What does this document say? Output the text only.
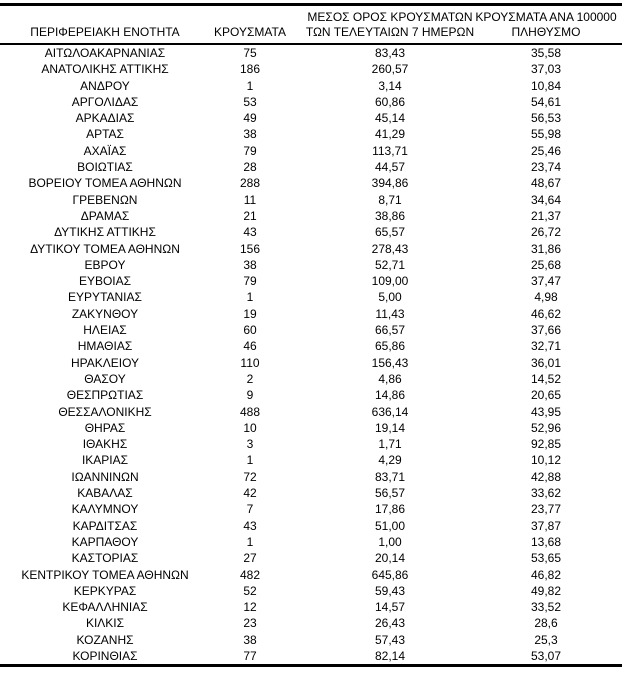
ΠΕΡΙΦΕΡΕΙΑΚΗ ΕΝΟΤΗΤΑ	ΚΡΟΥΣΜΑΤΑ	ΜΕΣΟΣ ΟΡΟΣ ΚΡΟΥΣΜΑΤΩΝ ΤΩΝ ΤΕΛΕΥΤΑΙΩΝ 7 ΗΜΕΡΩΝ	ΚΡΟΥΣΜΑΤΑ ΑΝΑ 100000 ΠΛΗΘΥΣΜΟ

ΑΙΤΩΛΟΑΚΑΡΝΑΝΙΑΣ	75	83,43	35,58
ΑΝΑΤΟΛΙΚΗΣ ΑΤΤΙΚΗΣ	186	260,57	37,03
ΑΝΔΡΟΥ	1	3,14	10,84
ΑΡΓΟΛΙΔΑΣ	53	60,86	54,61
ΑΡΚΑΔΙΑΣ	49	45,14	56,53
ΑΡΤΑΣ	38	41,29	55,98
ΑΧΑΪΑΣ	79	113,71	25,46
ΒΟΙΩΤΙΑΣ	28	44,57	23,74
ΒΟΡΕΙΟΥ ΤΟΜΕΑ ΑΘΗΝΩΝ	288	394,86	48,67
ΓΡΕΒΕΝΩΝ	11	8,71	34,64
ΔΡΑΜΑΣ	21	38,86	21,37
ΔΥΤΙΚΗΣ ΑΤΤΙΚΗΣ	43	65,57	26,72
ΔΥΤΙΚΟΥ ΤΟΜΕΑ ΑΘΗΝΩΝ	156	278,43	31,86
ΕΒΡΟΥ	38	52,71	25,68
ΕΥΒΟΙΑΣ	79	109,00	37,47
ΕΥΡΥΤΑΝΙΑΣ	1	5,00	4,98
ΖΑΚΥΝΘΟΥ	19	11,43	46,62
ΗΛΕΙΑΣ	60	66,57	37,66
ΗΜΑΘΙΑΣ	46	65,86	32,71
ΗΡΑΚΛΕΙΟΥ	110	156,43	36,01
ΘΑΣΟΥ	2	4,86	14,52
ΘΕΣΠΡΩΤΙΑΣ	9	14,86	20,65
ΘΕΣΣΑΛΟΝΙΚΗΣ	488	636,14	43,95
ΘΗΡΑΣ	10	19,14	52,96
ΙΘΑΚΗΣ	3	1,71	92,85
ΙΚΑΡΙΑΣ	1	4,29	10,12
ΙΩΑΝΝΙΝΩΝ	72	83,71	42,88
ΚΑΒΑΛΑΣ	42	56,57	33,62
ΚΑΛΥΜΝΟΥ	7	17,86	23,77
ΚΑΡΔΙΤΣΑΣ	43	51,00	37,87
ΚΑΡΠΑΘΟΥ	1	1,00	13,68
ΚΑΣΤΟΡΙΑΣ	27	20,14	53,65
ΚΕΝΤΡΙΚΟΥ ΤΟΜΕΑ ΑΘΗΝΩΝ	482	645,86	46,82
ΚΕΡΚΥΡΑΣ	52	59,43	49,82
ΚΕΦΑΛΛΗΝΙΑΣ	12	14,57	33,52
ΚΙΛΚΙΣ	23	26,43	28,6
ΚΟΖΑΝΗΣ	38	57,43	25,3
ΚΟΡΙΝΘΙΑΣ	77	82,14	53,07
